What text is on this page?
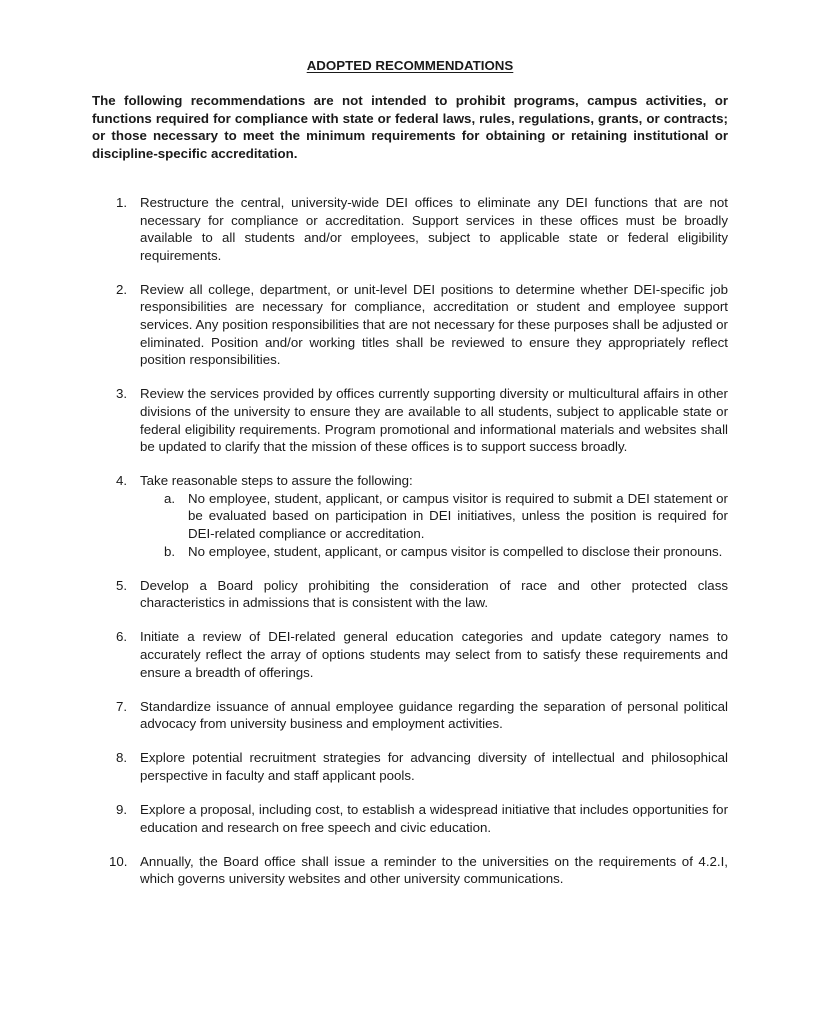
ADOPTED RECOMMENDATIONS
The following recommendations are not intended to prohibit programs, campus activities, or functions required for compliance with state or federal laws, rules, regulations, grants, or contracts; or those necessary to meet the minimum requirements for obtaining or retaining institutional or discipline-specific accreditation.
1. Restructure the central, university-wide DEI offices to eliminate any DEI functions that are not necessary for compliance or accreditation. Support services in these offices must be broadly available to all students and/or employees, subject to applicable state or federal eligibility requirements.
2. Review all college, department, or unit-level DEI positions to determine whether DEI-specific job responsibilities are necessary for compliance, accreditation or student and employee support services. Any position responsibilities that are not necessary for these purposes shall be adjusted or eliminated. Position and/or working titles shall be reviewed to ensure they appropriately reflect position responsibilities.
3. Review the services provided by offices currently supporting diversity or multicultural affairs in other divisions of the university to ensure they are available to all students, subject to applicable state or federal eligibility requirements. Program promotional and informational materials and websites shall be updated to clarify that the mission of these offices is to support success broadly.
4. Take reasonable steps to assure the following:
a. No employee, student, applicant, or campus visitor is required to submit a DEI statement or be evaluated based on participation in DEI initiatives, unless the position is required for DEI-related compliance or accreditation.
b. No employee, student, applicant, or campus visitor is compelled to disclose their pronouns.
5. Develop a Board policy prohibiting the consideration of race and other protected class characteristics in admissions that is consistent with the law.
6. Initiate a review of DEI-related general education categories and update category names to accurately reflect the array of options students may select from to satisfy these requirements and ensure a breadth of offerings.
7. Standardize issuance of annual employee guidance regarding the separation of personal political advocacy from university business and employment activities.
8. Explore potential recruitment strategies for advancing diversity of intellectual and philosophical perspective in faculty and staff applicant pools.
9. Explore a proposal, including cost, to establish a widespread initiative that includes opportunities for education and research on free speech and civic education.
10. Annually, the Board office shall issue a reminder to the universities on the requirements of 4.2.I, which governs university websites and other university communications.
